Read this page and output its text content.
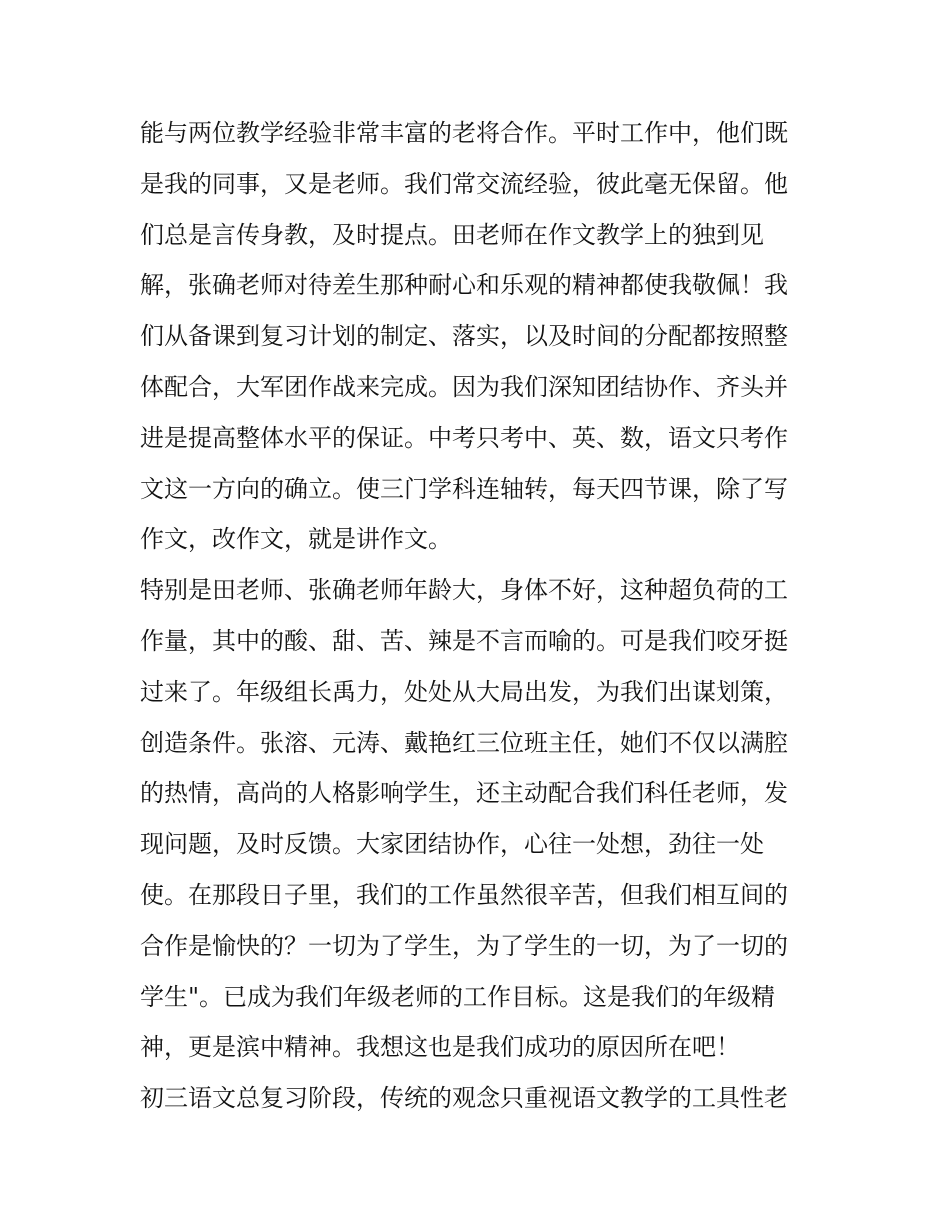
能与两位教学经验非常丰富的老将合作。平时工作中，他们既
是我的同事，又是老师。我们常交流经验，彼此毫无保留。他
们总是言传身教，及时提点。田老师在作文教学上的独到见
解，张确老师对待差生那种耐心和乐观的精神都使我敬佩！我
们从备课到复习计划的制定、落实，以及时间的分配都按照整
体配合，大军团作战来完成。因为我们深知团结协作、齐头并
进是提高整体水平的保证。中考只考中、英、数，语文只考作
文这一方向的确立。使三门学科连轴转，每天四节课，除了写
作文，改作文，就是讲作文。
特别是田老师、张确老师年龄大，身体不好，这种超负荷的工
作量，其中的酸、甜、苦、辣是不言而喻的。可是我们咬牙挺
过来了。年级组长禹力，处处从大局出发，为我们出谋划策，
创造条件。张溶、元涛、戴艳红三位班主任，她们不仅以满腔
的热情，高尚的人格影响学生，还主动配合我们科任老师，发
现问题，及时反馈。大家团结协作，心往一处想，劲往一处
使。在那段日子里，我们的工作虽然很辛苦，但我们相互间的
合作是愉快的？一切为了学生，为了学生的一切，为了一切的
学生"。已成为我们年级老师的工作目标。这是我们的年级精
神，更是滨中精神。我想这也是我们成功的原因所在吧！
初三语文总复习阶段，传统的观念只重视语文教学的工具性老
